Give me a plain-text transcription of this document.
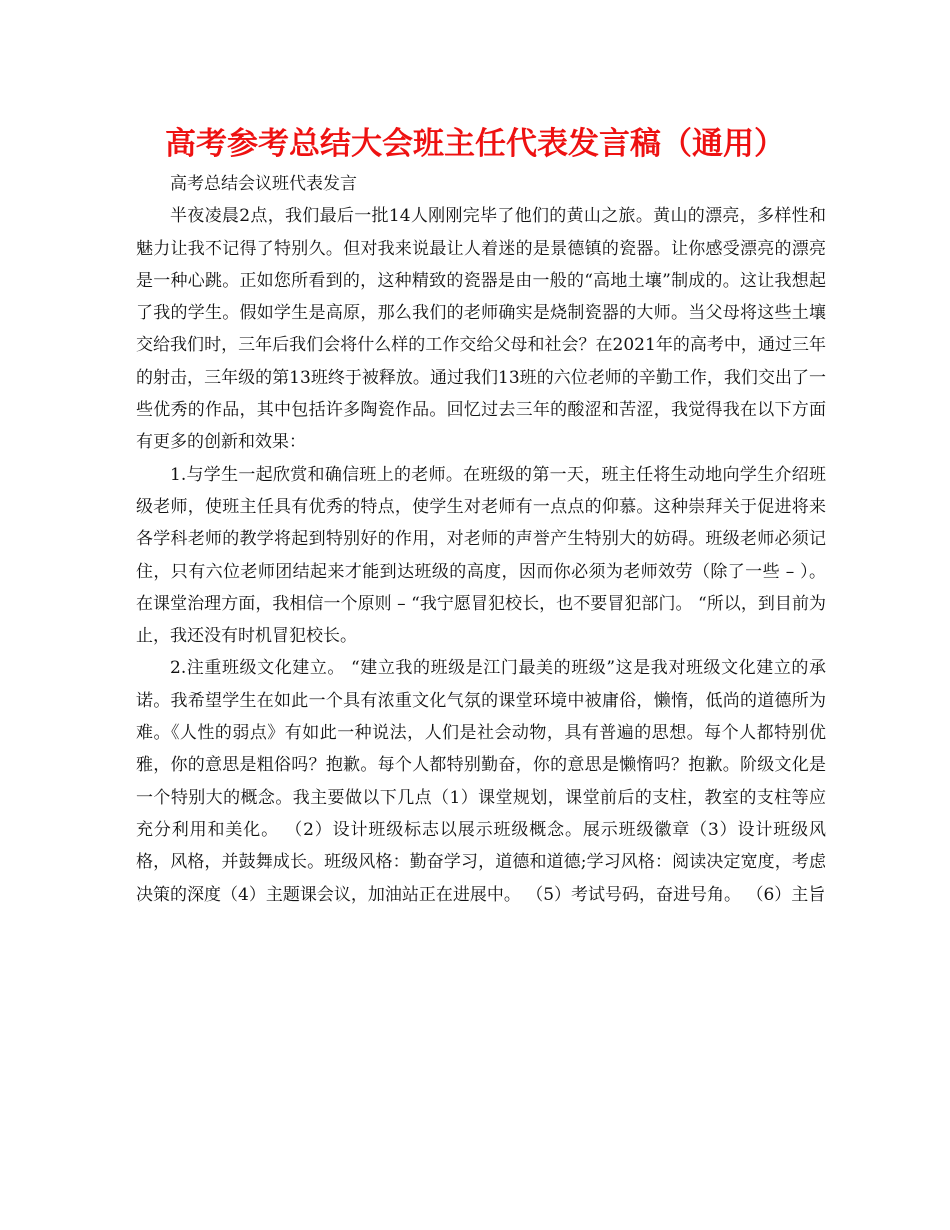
高考参考总结大会班主任代表发言稿（通用）

高考总结会议班代表发言

半夜凌晨2点，我们最后一批14人刚刚完毕了他们的黄山之旅。黄山的漂亮，多样性和魅力让我不记得了特别久。但对我来说最让人着迷的是景德镇的瓷器。让你感受漂亮的漂亮是一种心跳。正如您所看到的，这种精致的瓷器是由一般的“高地土壤”制成的。这让我想起了我的学生。假如学生是高原，那么我们的老师确实是烧制瓷器的大师。当父母将这些土壤交给我们时，三年后我们会将什么样的工作交给父母和社会？在2021年的高考中，通过三年的射击，三年级的第13班终于被释放。通过我们13班的六位老师的辛勤工作，我们交出了一些优秀的作品，其中包括许多陶瓷作品。回忆过去三年的酸涩和苦涩，我觉得我在以下方面有更多的创新和效果：

1.与学生一起欣赏和确信班上的老师。在班级的第一天，班主任将生动地向学生介绍班级老师，使班主任具有优秀的特点，使学生对老师有一点点的仰慕。这种崇拜关于促进将来各学科老师的教学将起到特别好的作用，对老师的声誉产生特别大的妨碍。班级老师必须记住，只有六位老师团结起来才能到达班级的高度，因而你必须为老师效劳（除了一些 – ）。在课堂治理方面，我相信一个原则 – “我宁愿冒犯校长，也不要冒犯部门。 “所以，到目前为止，我还没有时机冒犯校长。

2.注重班级文化建立。 “建立我的班级是江门最美的班级”这是我对班级文化建立的承诺。我希望学生在如此一个具有浓重文化气氛的课堂环境中被庸俗，懒惰，低尚的道德所为难。《人性的弱点》有如此一种说法，人们是社会动物，具有普遍的思想。每个人都特别优雅，你的意思是粗俗吗？抱歉。每个人都特别勤奋，你的意思是懒惰吗？抱歉。阶级文化是一个特别大的概念。我主要做以下几点（1）课堂规划，课堂前后的支柱，教室的支柱等应充分利用和美化。 （2）设计班级标志以展示班级概念。展示班级徽章（3）设计班级风格，风格，并鼓舞成长。班级风格：勤奋学习，道德和道德;学习风格：阅读决定宽度，考虑决策的深度（4）主题课会议，加油站正在进展中。 （5）考试号码，奋进号角。 （6）主旨
